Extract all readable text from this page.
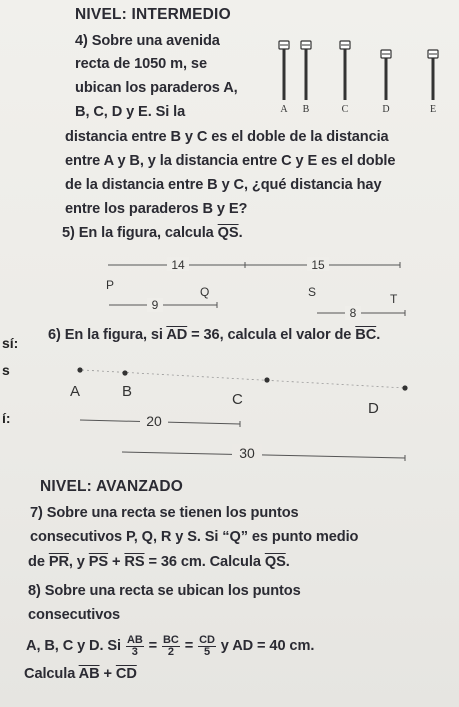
sí:
s
í:
NIVEL: INTERMEDIO
4) Sobre una avenida
recta de 1050 m, se
ubican los paraderos A,
B, C, D y E. Si la
distancia entre B y C es el doble de la distancia
entre A y B, y la distancia entre C y E es el doble
de la distancia entre B y C, ¿qué distancia hay
entre los paraderos B y E?
A B	C	D	E
5) En la figura, calcula $\overline{QS}$.
14	15
P	Q	S	T
9
8
6) En la figura, si $\overline{AD} = 36$, calcula el valor de $\overline{BC}$.
A	B	C
D
20
30
NIVEL: AVANZADO
7) Sobre una recta se tienen los puntos
consecutivos P, Q, R y S. Si “Q” es punto medio
de $\overline{PR}$, y $\overline{PS} + \overline{RS} = 36$ cm. Calcula $\overline{QS}$.
8) Sobre una recta se ubican los puntos
consecutivos
A, B, C y D. Si $\frac{AB}{3} = \frac{BC}{2} = \frac{CD}{5}$ y AD = 40 cm.
Calcula $\overline{AB} + \overline{CD}$
